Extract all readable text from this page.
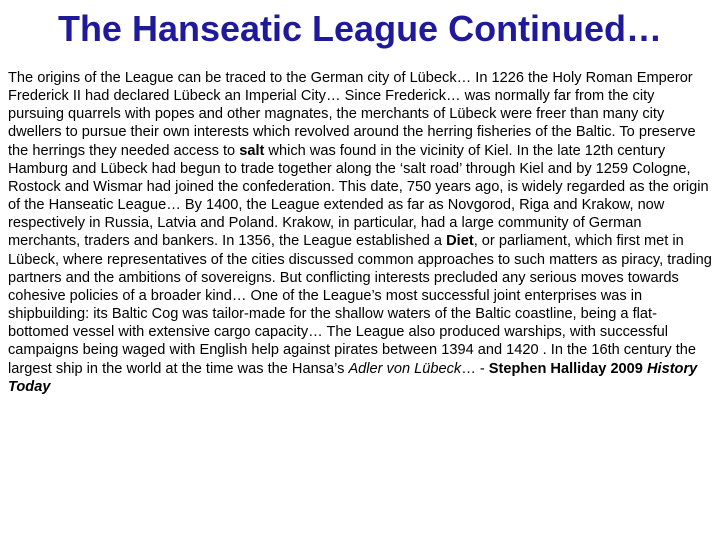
The Hanseatic League Continued…

The origins of the League can be traced to the German city of Lübeck… In 1226 the Holy Roman Emperor Frederick II had declared Lübeck an Imperial City… Since Frederick… was normally far from the city pursuing quarrels with popes and other magnates, the merchants of Lübeck were freer than many city dwellers to pursue their own interests which revolved around the herring fisheries of the Baltic. To preserve the herrings they needed access to salt which was found in the vicinity of Kiel. In the late 12th century Hamburg and Lübeck had begun to trade together along the ‘salt road’ through Kiel and by 1259 Cologne, Rostock and Wismar had joined the confederation. This date, 750 years ago, is widely regarded as the origin of the Hanseatic League… By 1400, the League extended as far as Novgorod, Riga and Krakow, now respectively in Russia, Latvia and Poland. Krakow, in particular, had a large community of German merchants, traders and bankers. In 1356, the League established a Diet, or parliament, which first met in Lübeck, where representatives of the cities discussed common approaches to such matters as piracy, trading partners and the ambitions of sovereigns. But conflicting interests precluded any serious moves towards cohesive policies of a broader kind… One of the League’s most successful joint enterprises was in shipbuilding: its Baltic Cog was tailor-made for the shallow waters of the Baltic coastline, being a flat-bottomed vessel with extensive cargo capacity… The League also produced warships, with successful campaigns being waged with English help against pirates between 1394 and 1420 . In the 16th century the largest ship in the world at the time was the Hansa’s Adler von Lübeck… - Stephen Halliday 2009 History Today
